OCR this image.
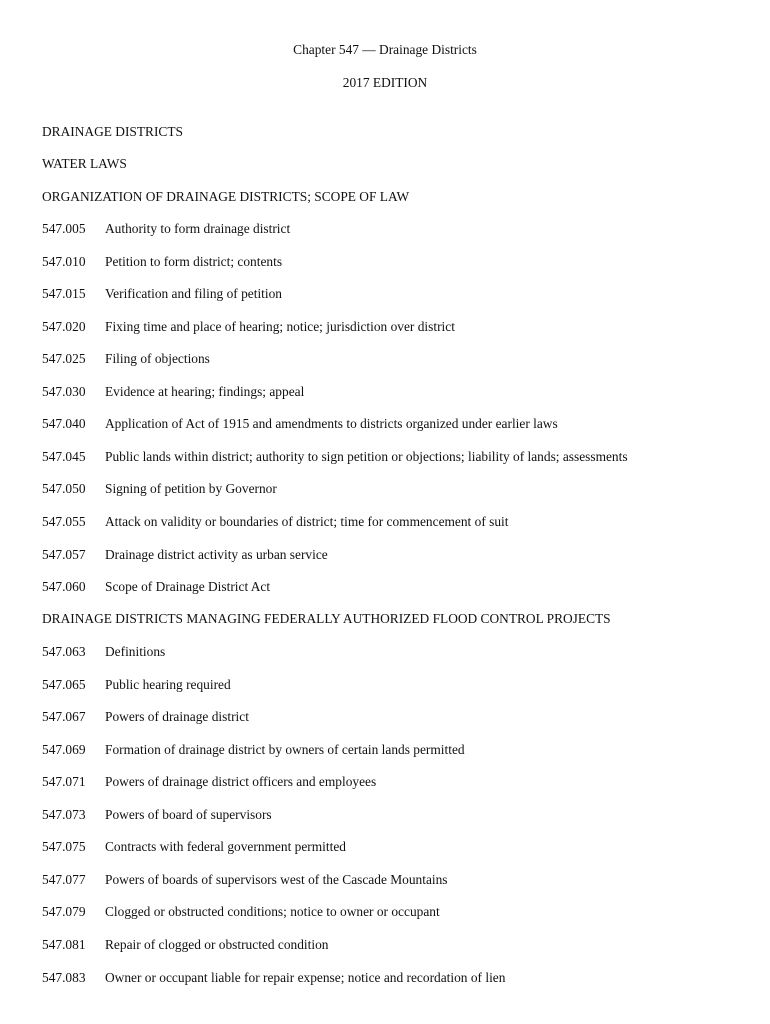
Chapter 547 — Drainage Districts
2017 EDITION
DRAINAGE DISTRICTS
WATER LAWS
ORGANIZATION OF DRAINAGE DISTRICTS; SCOPE OF LAW
547.005 Authority to form drainage district
547.010 Petition to form district; contents
547.015 Verification and filing of petition
547.020 Fixing time and place of hearing; notice; jurisdiction over district
547.025 Filing of objections
547.030 Evidence at hearing; findings; appeal
547.040 Application of Act of 1915 and amendments to districts organized under earlier laws
547.045 Public lands within district; authority to sign petition or objections; liability of lands; assessments
547.050 Signing of petition by Governor
547.055 Attack on validity or boundaries of district; time for commencement of suit
547.057 Drainage district activity as urban service
547.060 Scope of Drainage District Act
DRAINAGE DISTRICTS MANAGING FEDERALLY AUTHORIZED FLOOD CONTROL PROJECTS
547.063 Definitions
547.065 Public hearing required
547.067 Powers of drainage district
547.069 Formation of drainage district by owners of certain lands permitted
547.071 Powers of drainage district officers and employees
547.073 Powers of board of supervisors
547.075 Contracts with federal government permitted
547.077 Powers of boards of supervisors west of the Cascade Mountains
547.079 Clogged or obstructed conditions; notice to owner or occupant
547.081 Repair of clogged or obstructed condition
547.083 Owner or occupant liable for repair expense; notice and recordation of lien
